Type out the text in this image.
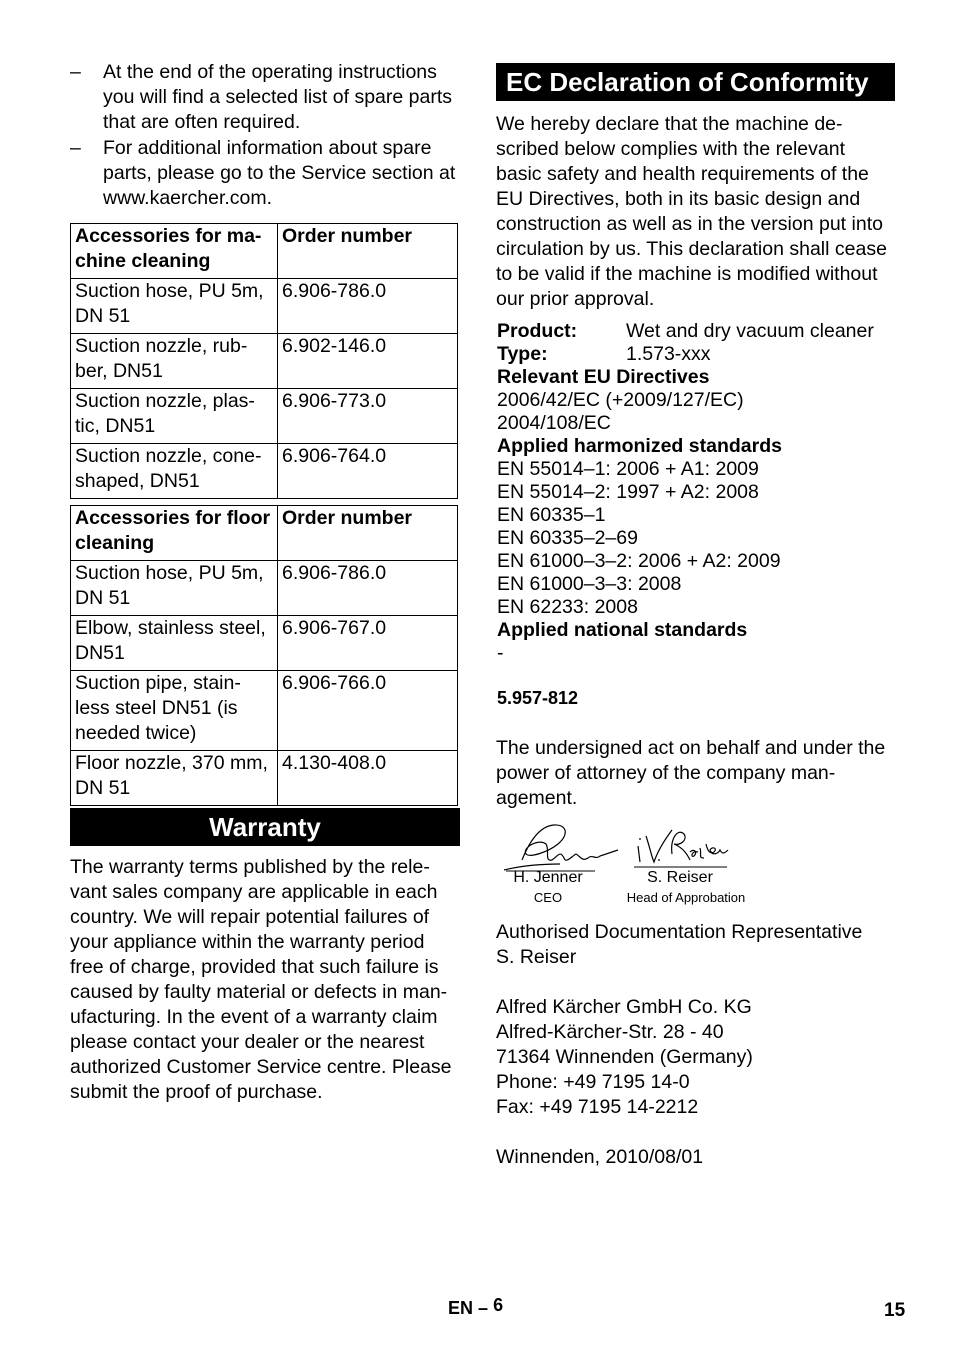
– At the end of the operating instructions you will find a selected list of spare parts that are often required.
– For additional information about spare parts, please go to the Service section at www.kaercher.com.
Accessories for ma-chine cleaning	Order number
Suction hose, PU 5m, DN 51	6.906-786.0
Suction nozzle, rub-ber, DN51	6.902-146.0
Suction nozzle, plas-tic, DN51	6.906-773.0
Suction nozzle, cone-shaped, DN51	6.906-764.0
Accessories for floor cleaning	Order number
Suction hose, PU 5m, DN 51	6.906-786.0
Elbow, stainless steel, DN51	6.906-767.0
Suction pipe, stain-less steel DN51 (is needed twice)	6.906-766.0
Floor nozzle, 370 mm, DN 51	4.130-408.0
Warranty

The warranty terms published by the rele-vant sales company are applicable in each country. We will repair potential failures of your appliance within the warranty period free of charge, provided that such failure is caused by faulty material or defects in man-ufacturing. In the event of a warranty claim please contact your dealer or the nearest authorized Customer Service centre. Please submit the proof of purchase.

EC Declaration of Conformity

We hereby declare that the machine de-scribed below complies with the relevant basic safety and health requirements of the EU Directives, both in its basic design and construction as well as in the version put into circulation by us. This declaration shall cease to be valid if the machine is modified without our prior approval.

Product:	Wet and dry vacuum cleaner
Type:	1.573-xxx
Relevant EU Directives
2006/42/EC (+2009/127/EC)
2004/108/EC
Applied harmonized standards
EN 55014–1: 2006 + A1: 2009
EN 55014–2: 1997 + A2: 2008
EN 60335–1
EN 60335–2–69
EN 61000–3–2: 2006 + A2: 2009
EN 61000–3–3: 2008
EN 62233: 2008
Applied national standards
-
5.957-812

The undersigned act on behalf and under the power of attorney of the company man-agement.

H. Jenner
CEO
S. Reiser
Head of Approbation

Authorised Documentation Representative

S. Reiser

Alfred Kärcher GmbH Co. KG

Alfred-Kärcher-Str. 28 - 40

71364 Winnenden (Germany)

Phone: +49 7195 14-0

Fax: +49 7195 14-2212

Winnenden, 2010/08/01

EN – 6	15
